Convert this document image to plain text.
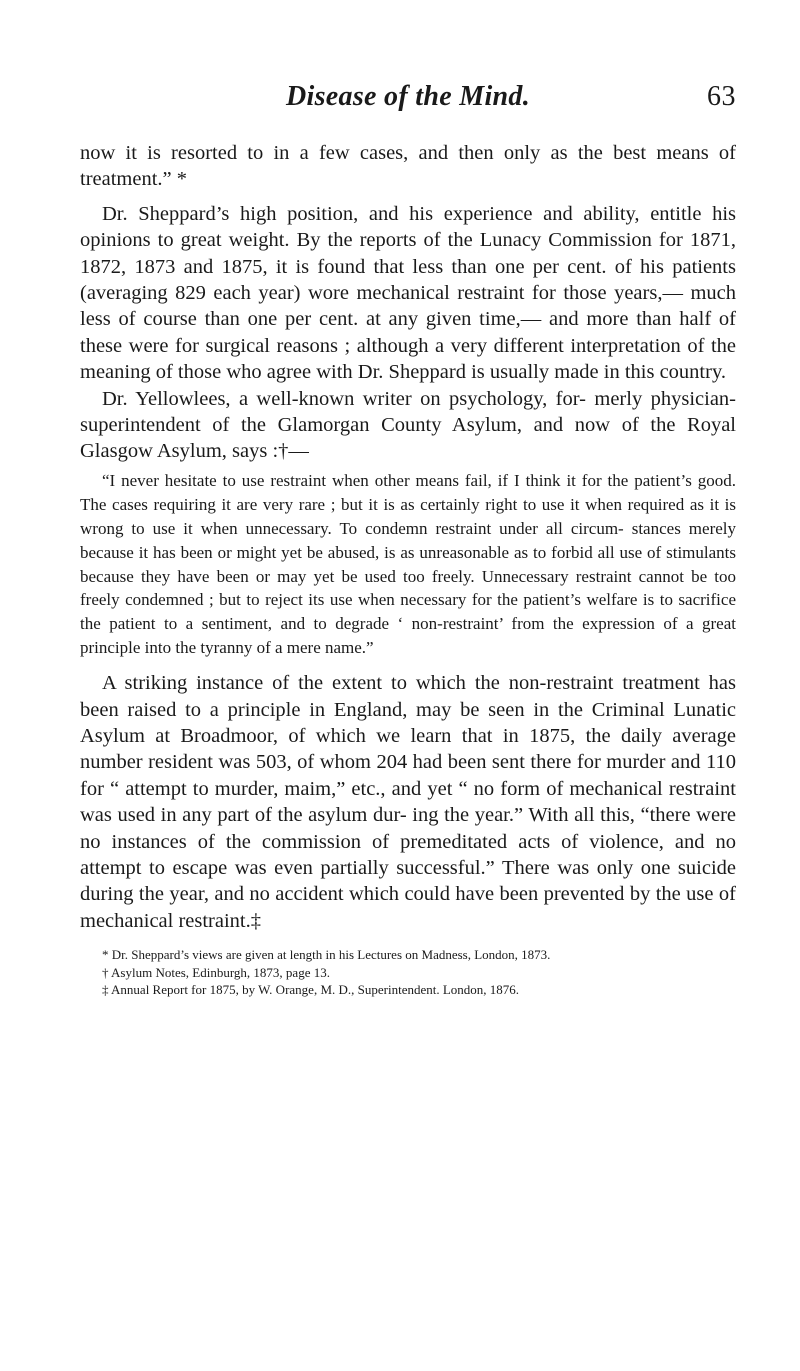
Disease of the Mind.	63

now it is resorted to in a few cases, and then only as the best means of treatment.” *

Dr. Sheppard’s high position, and his experience and ability, entitle his opinions to great weight. By the reports of the Lunacy Commission for 1871, 1872, 1873 and 1875, it is found that less than one per cent. of his patients (averaging 829 each year) wore mechanical restraint for those years,— much less of course than one per cent. at any given time,— and more than half of these were for surgical reasons ; although a very different interpretation of the meaning of those who agree with Dr. Sheppard is usually made in this country.

Dr. Yellowlees, a well-known writer on psychology, for- merly physician-superintendent of the Glamorgan County Asylum, and now of the Royal Glasgow Asylum, says :†—

“I never hesitate to use restraint when other means fail, if I think it for the patient’s good. The cases requiring it are very rare ; but it is as certainly right to use it when required as it is wrong to use it when unnecessary. To condemn restraint under all circum- stances merely because it has been or might yet be abused, is as unreasonable as to forbid all use of stimulants because they have been or may yet be used too freely. Unnecessary restraint cannot be too freely condemned ; but to reject its use when necessary for the patient’s welfare is to sacrifice the patient to a sentiment, and to degrade ‘ non-restraint’ from the expression of a great principle into the tyranny of a mere name.”

A striking instance of the extent to which the non-restraint treatment has been raised to a principle in England, may be seen in the Criminal Lunatic Asylum at Broadmoor, of which we learn that in 1875, the daily average number resident was 503, of whom 204 had been sent there for murder and 110 for “ attempt to murder, maim,” etc., and yet “ no form of mechanical restraint was used in any part of the asylum dur- ing the year.” With all this, “there were no instances of the commission of premeditated acts of violence, and no attempt to escape was even partially successful.” There was only one suicide during the year, and no accident which could have been prevented by the use of mechanical restraint.‡

* Dr. Sheppard’s views are given at length in his Lectures on Madness, London, 1873.

† Asylum Notes, Edinburgh, 1873, page 13.

‡ Annual Report for 1875, by W. Orange, M. D., Superintendent. London, 1876.
